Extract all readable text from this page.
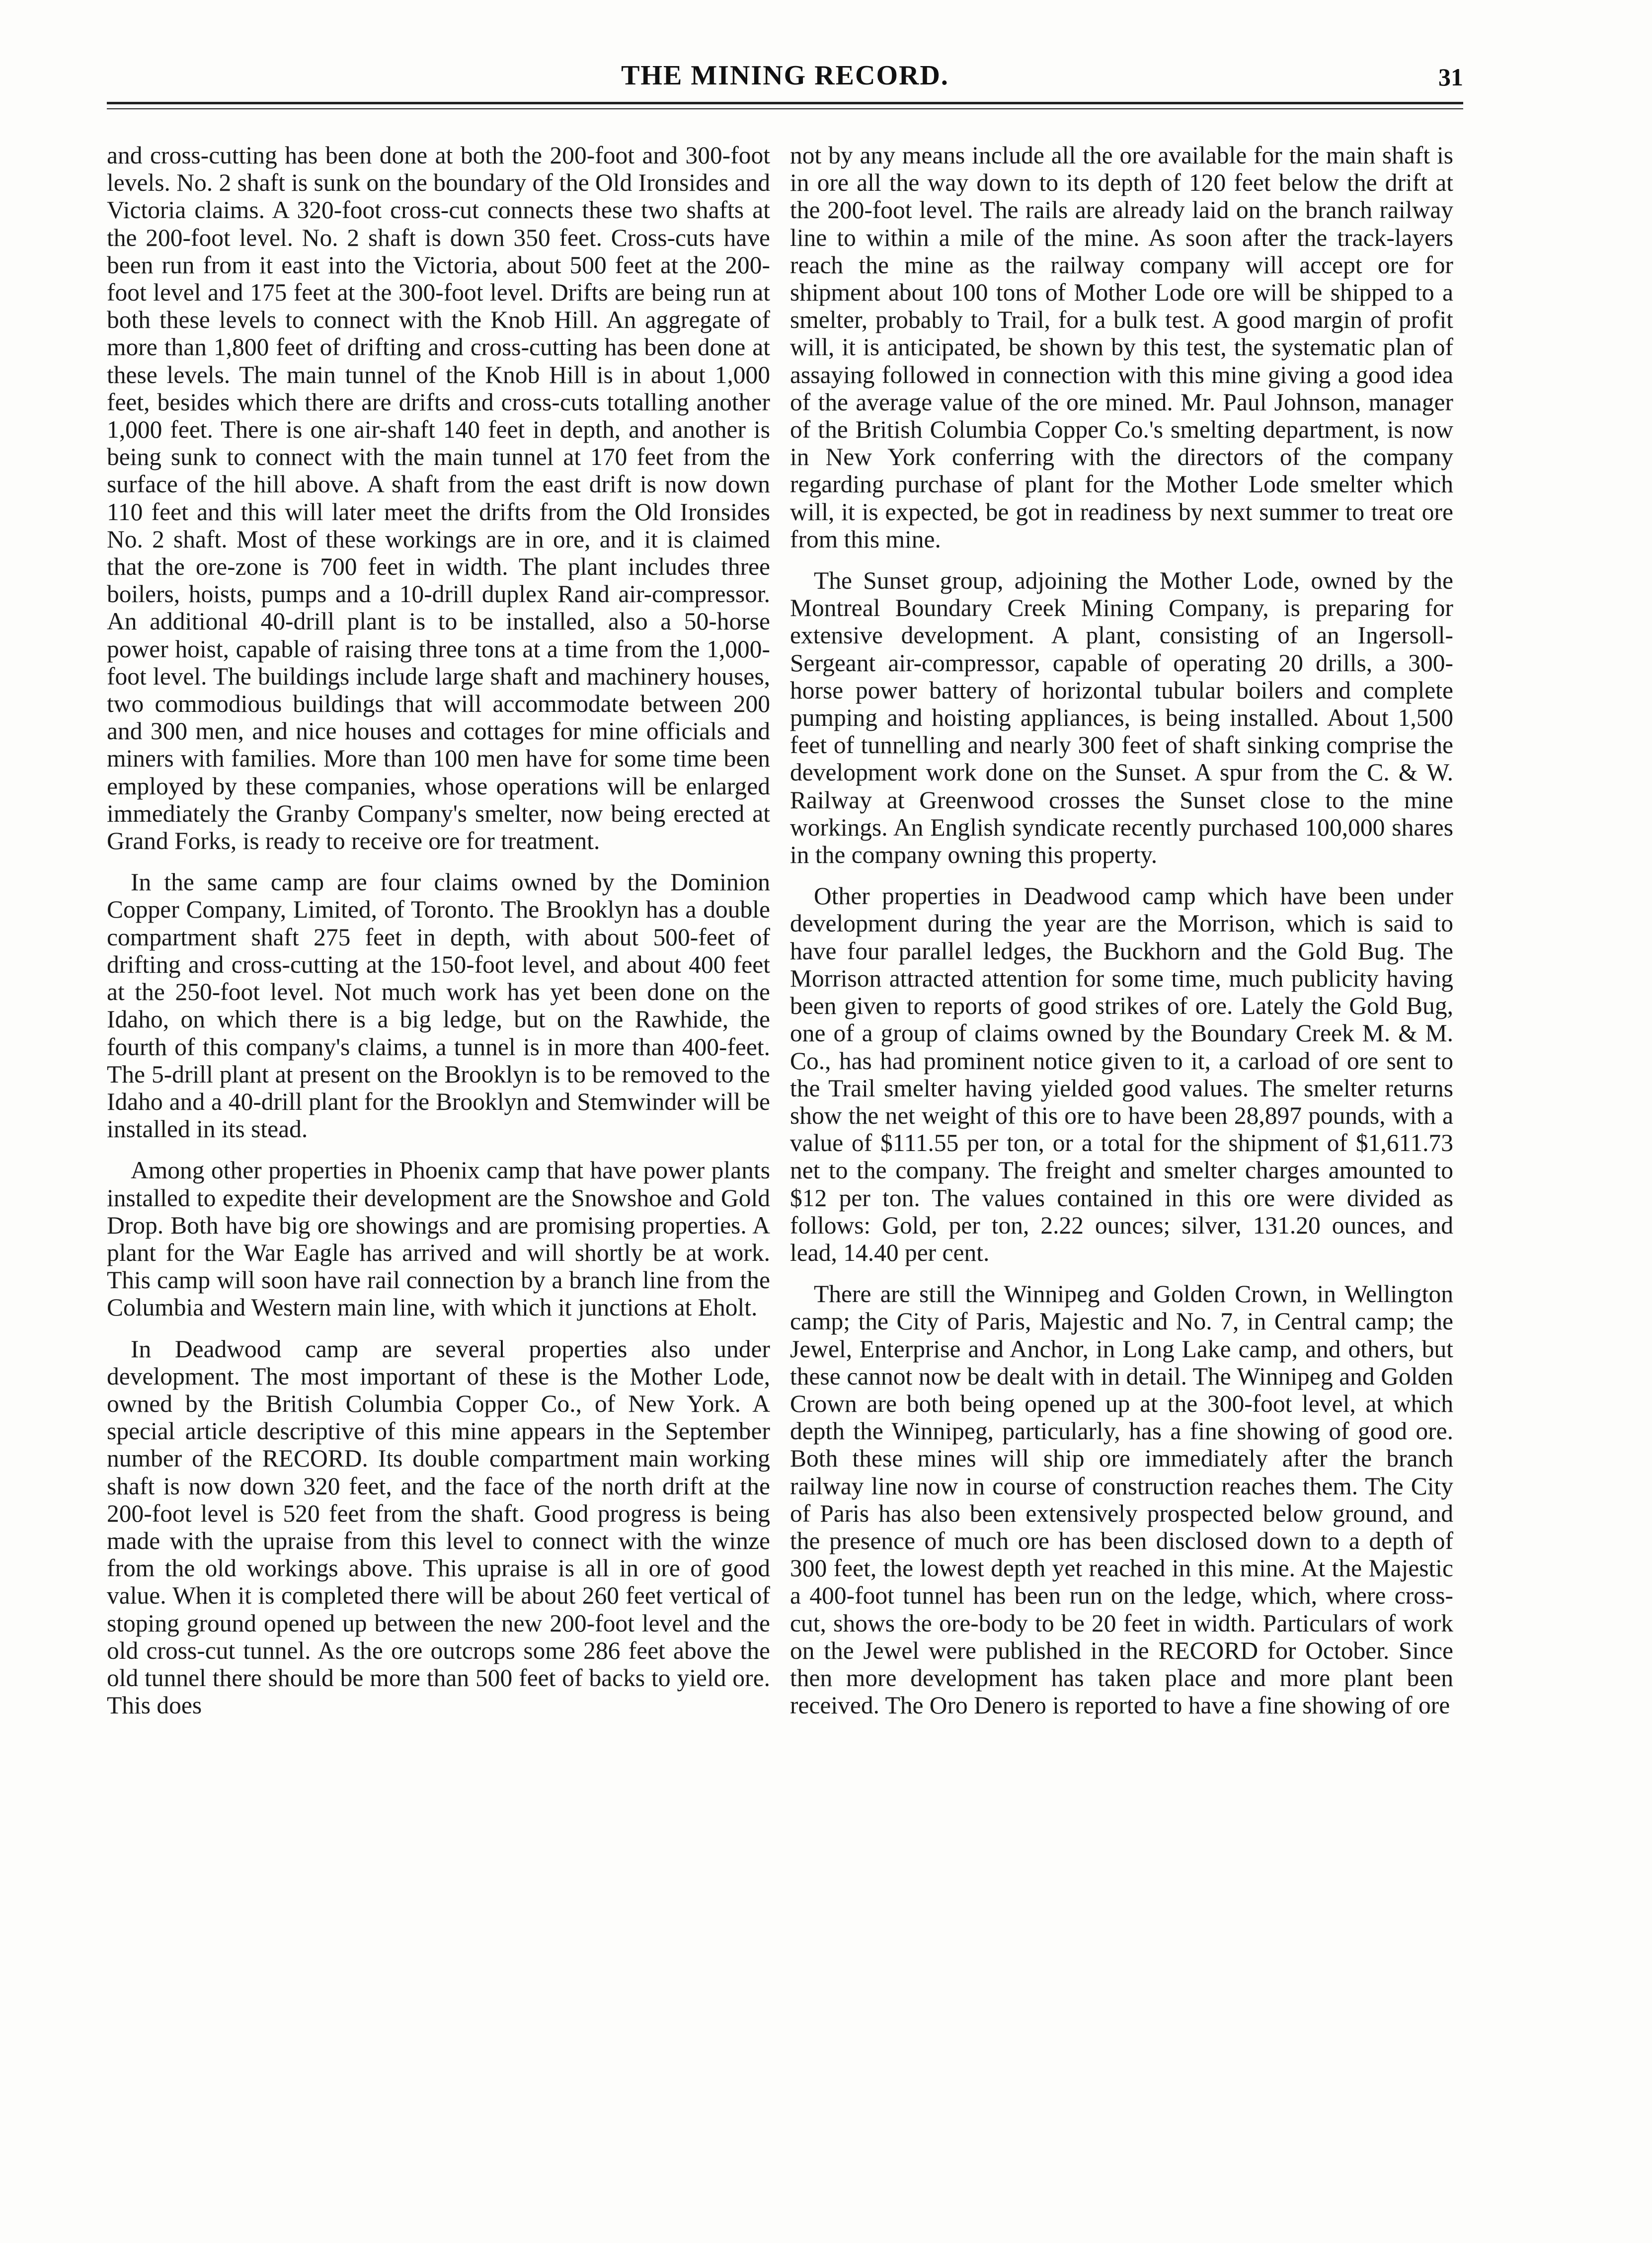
THE MINING RECORD.	31

and cross-cutting has been done at both the 200-foot and 300-foot levels. No. 2 shaft is sunk on the boundary of the Old Ironsides and Victoria claims. A 320-foot cross-cut connects these two shafts at the 200-foot level. No. 2 shaft is down 350 feet. Cross-cuts have been run from it east into the Victoria, about 500 feet at the 200-foot level and 175 feet at the 300-foot level. Drifts are being run at both these levels to connect with the Knob Hill. An aggregate of more than 1,800 feet of drifting and cross-cutting has been done at these levels. The main tunnel of the Knob Hill is in about 1,000 feet, besides which there are drifts and cross-cuts totalling another 1,000 feet. There is one air-shaft 140 feet in depth, and another is being sunk to connect with the main tunnel at 170 feet from the surface of the hill above. A shaft from the east drift is now down 110 feet and this will later meet the drifts from the Old Ironsides No. 2 shaft. Most of these workings are in ore, and it is claimed that the ore-zone is 700 feet in width. The plant includes three boilers, hoists, pumps and a 10-drill duplex Rand air-compressor. An additional 40-drill plant is to be installed, also a 50-horse power hoist, capable of raising three tons at a time from the 1,000-foot level. The buildings include large shaft and machinery houses, two commodious buildings that will accommodate between 200 and 300 men, and nice houses and cottages for mine officials and miners with families. More than 100 men have for some time been employed by these companies, whose operations will be enlarged immediately the Granby Company's smelter, now being erected at Grand Forks, is ready to receive ore for treatment.

In the same camp are four claims owned by the Dominion Copper Company, Limited, of Toronto. The Brooklyn has a double compartment shaft 275 feet in depth, with about 500-feet of drifting and cross-cutting at the 150-foot level, and about 400 feet at the 250-foot level. Not much work has yet been done on the Idaho, on which there is a big ledge, but on the Rawhide, the fourth of this company's claims, a tunnel is in more than 400-feet. The 5-drill plant at present on the Brooklyn is to be removed to the Idaho and a 40-drill plant for the Brooklyn and Stemwinder will be installed in its stead.

Among other properties in Phoenix camp that have power plants installed to expedite their development are the Snowshoe and Gold Drop. Both have big ore showings and are promising properties. A plant for the War Eagle has arrived and will shortly be at work. This camp will soon have rail connection by a branch line from the Columbia and Western main line, with which it junctions at Eholt.

In Deadwood camp are several properties also under development. The most important of these is the Mother Lode, owned by the British Columbia Copper Co., of New York. A special article descriptive of this mine appears in the September number of the RECORD. Its double compartment main working shaft is now down 320 feet, and the face of the north drift at the 200-foot level is 520 feet from the shaft. Good progress is being made with the upraise from this level to connect with the winze from the old workings above. This upraise is all in ore of good value. When it is completed there will be about 260 feet vertical of stoping ground opened up between the new 200-foot level and the old cross-cut tunnel. As the ore outcrops some 286 feet above the old tunnel there should be more than 500 feet of backs to yield ore. This does

not by any means include all the ore available for the main shaft is in ore all the way down to its depth of 120 feet below the drift at the 200-foot level. The rails are already laid on the branch railway line to within a mile of the mine. As soon after the track-layers reach the mine as the railway company will accept ore for shipment about 100 tons of Mother Lode ore will be shipped to a smelter, probably to Trail, for a bulk test. A good margin of profit will, it is anticipated, be shown by this test, the systematic plan of assaying followed in connection with this mine giving a good idea of the average value of the ore mined. Mr. Paul Johnson, manager of the British Columbia Copper Co.'s smelting department, is now in New York conferring with the directors of the company regarding purchase of plant for the Mother Lode smelter which will, it is expected, be got in readiness by next summer to treat ore from this mine.

The Sunset group, adjoining the Mother Lode, owned by the Montreal Boundary Creek Mining Company, is preparing for extensive development. A plant, consisting of an Ingersoll-Sergeant air-compressor, capable of operating 20 drills, a 300-horse power battery of horizontal tubular boilers and complete pumping and hoisting appliances, is being installed. About 1,500 feet of tunnelling and nearly 300 feet of shaft sinking comprise the development work done on the Sunset. A spur from the C. & W. Railway at Greenwood crosses the Sunset close to the mine workings. An English syndicate recently purchased 100,000 shares in the company owning this property.

Other properties in Deadwood camp which have been under development during the year are the Morrison, which is said to have four parallel ledges, the Buckhorn and the Gold Bug. The Morrison attracted attention for some time, much publicity having been given to reports of good strikes of ore. Lately the Gold Bug, one of a group of claims owned by the Boundary Creek M. & M. Co., has had prominent notice given to it, a carload of ore sent to the Trail smelter having yielded good values. The smelter returns show the net weight of this ore to have been 28,897 pounds, with a value of $111.55 per ton, or a total for the shipment of $1,611.73 net to the company. The freight and smelter charges amounted to $12 per ton. The values contained in this ore were divided as follows: Gold, per ton, 2.22 ounces; silver, 131.20 ounces, and lead, 14.40 per cent.

There are still the Winnipeg and Golden Crown, in Wellington camp; the City of Paris, Majestic and No. 7, in Central camp; the Jewel, Enterprise and Anchor, in Long Lake camp, and others, but these cannot now be dealt with in detail. The Winnipeg and Golden Crown are both being opened up at the 300-foot level, at which depth the Winnipeg, particularly, has a fine showing of good ore. Both these mines will ship ore immediately after the branch railway line now in course of construction reaches them. The City of Paris has also been extensively prospected below ground, and the presence of much ore has been disclosed down to a depth of 300 feet, the lowest depth yet reached in this mine. At the Majestic a 400-foot tunnel has been run on the ledge, which, where cross-cut, shows the ore-body to be 20 feet in width. Particulars of work on the Jewel were published in the RECORD for October. Since then more development has taken place and more plant been received. The Oro Denero is reported to have a fine showing of ore
